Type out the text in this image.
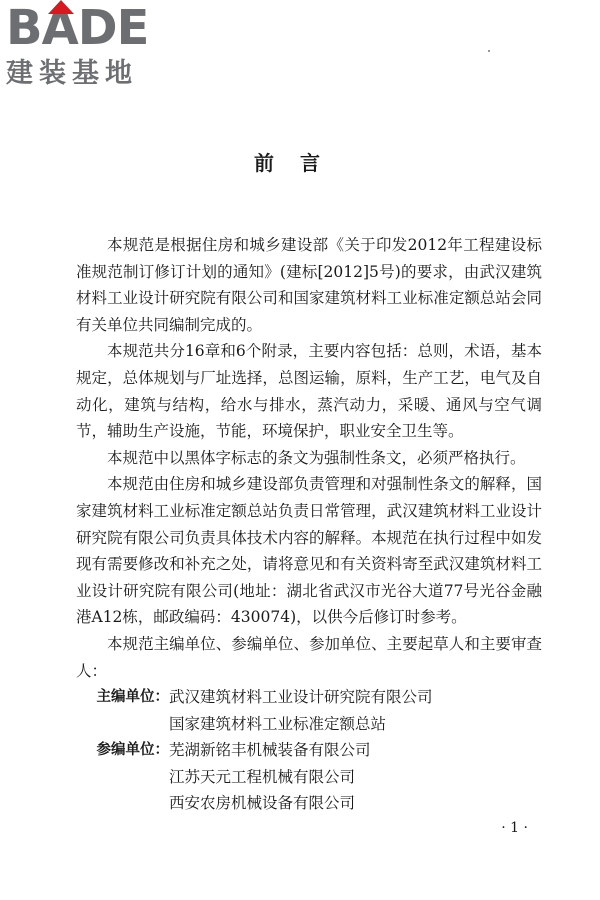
B
ADE
建装基地
前言

本规范是根据住房和城乡建设部《关于印发2012年工程建设标准规范制订修订计划的通知》(建标[2012]5号)的要求，由武汉建筑材料工业设计研究院有限公司和国家建筑材料工业标准定额总站会同有关单位共同编制完成的。

本规范共分16章和6个附录，主要内容包括：总则，术语，基本规定，总体规划与厂址选择，总图运输，原料，生产工艺，电气及自动化，建筑与结构，给水与排水，蒸汽动力，采暖、通风与空气调节，辅助生产设施，节能，环境保护，职业安全卫生等。

本规范中以黑体字标志的条文为强制性条文，必须严格执行。

本规范由住房和城乡建设部负责管理和对强制性条文的解释，国家建筑材料工业标准定额总站负责日常管理，武汉建筑材料工业设计研究院有限公司负责具体技术内容的解释。本规范在执行过程中如发现有需要修改和补充之处，请将意见和有关资料寄至武汉建筑材料工业设计研究院有限公司(地址：湖北省武汉市光谷大道77号光谷金融港A12栋，邮政编码：430074)，以供今后修订时参考。

本规范主编单位、参编单位、参加单位、主要起草人和主要审查人：

主编单位： 武汉建筑材料工业设计研究院有限公司
国家建筑材料工业标准定额总站
参编单位： 芜湖新铭丰机械装备有限公司
江苏天元工程机械有限公司
西安农房机械设备有限公司
· 1 ·
